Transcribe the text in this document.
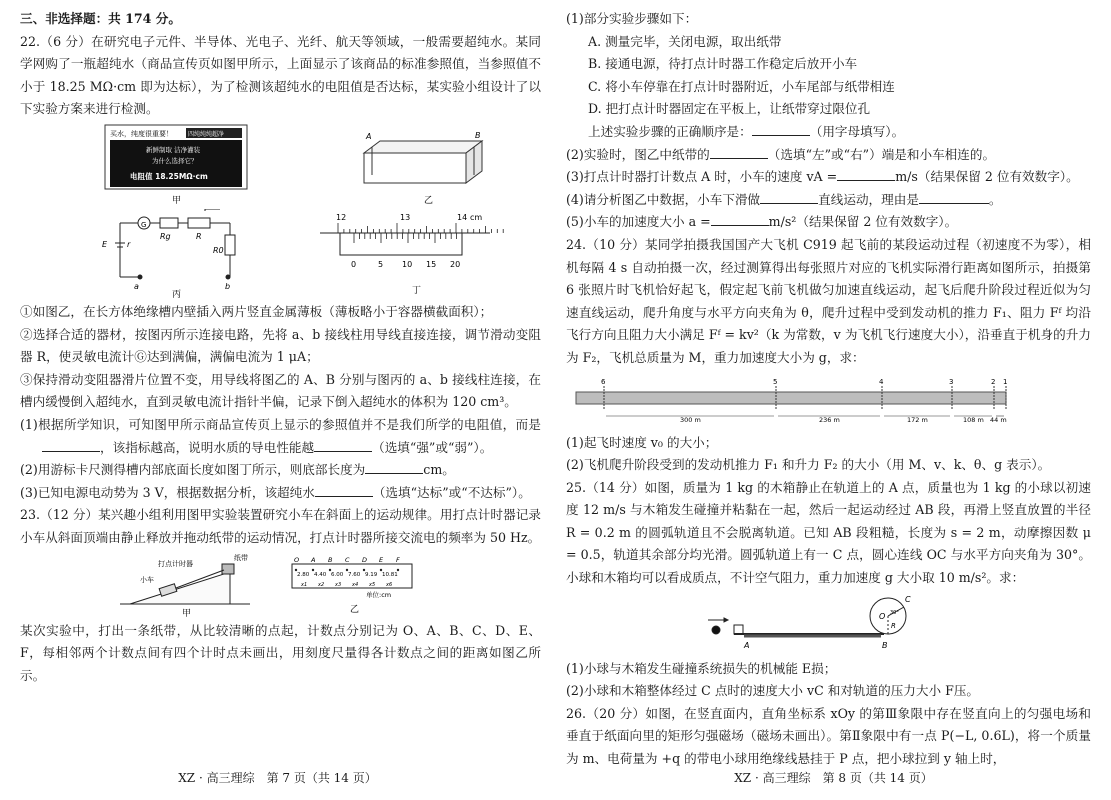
三、非选择题：共 174 分。

22.（6 分）在研究电子元件、半导体、光电子、光纤、航天等领域，一般需要超纯水。某同学网购了一瓶超纯水（商品宣传页如图甲所示，上面显示了该商品的标准参照值，当参照值不小于 18.25 MΩ·cm 即为达标），为了检测该超纯水的电阻值是否达标，某实验小组设计了以下实验方案来进行检测。

买水，纯度很重要！	四纯纯纯超净
新鲜制取 洁净灌装
为什么选择它？
电阻值 18.25MΩ·cm
甲
A	B
乙
G
Rg	R
R0
E r
a	b
丙
12	13	14 cm
0	5 10 15 20
丁

①如图乙，在长方体绝缘槽内壁插入两片竖直金属薄板（薄板略小于容器横截面积）；

②选择合适的器材，按图丙所示连接电路，先将 a、b 接线柱用导线直接连接，调节滑动变阻器 R，使灵敏电流计Ⓖ达到满偏，满偏电流为 1 μA；

③保持滑动变阻器滑片位置不变，用导线将图乙的 A、B 分别与图丙的 a、b 接线柱连接，在槽内缓慢倒入超纯水，直到灵敏电流计指针半偏，记录下倒入超纯水的体积为 120 cm³。

(1)根据所学知识，可知图甲所示商品宣传页上显示的参照值并不是我们所学的电阻值，而是，该指标越高，说明水质的导电性能越	（选填“强”或“弱”）。

(2)用游标卡尺测得槽内部底面长度如图丁所示，则底部长度为	cm。

(3)已知电源电动势为 3 V，根据数据分析，该超纯水	（选填“达标”或“不达标”）。

23.（12 分）某兴趣小组利用图甲实验装置研究小车在斜面上的运动规律。用打点计时器记录小车从斜面顶端由静止释放并拖动纸带的运动情况，打点计时器所接交流电的频率为 50 Hz。

打点计时器
纸带
小车
甲
O A B C D E F
2.80 4.40 6.00 7.60 9.19 10.81
x1 x2 x3 x4 x5 x6
单位:cm
乙

某次实验中，打出一条纸带，从比较清晰的点起，计数点分别记为 O、A、B、C、D、E、F，每相邻两个计数点间有四个计时点未画出，用刻度尺量得各计数点之间的距离如图乙所示。

XZ · 高三理综　第 7 页（共 14 页）

(1)部分实验步骤如下：

A. 测量完毕，关闭电源，取出纸带

B. 接通电源，待打点计时器工作稳定后放开小车

C. 将小车停靠在打点计时器附近，小车尾部与纸带相连

D. 把打点计时器固定在平板上，让纸带穿过限位孔

上述实验步骤的正确顺序是：	（用字母填写）。

(2)实验时，图乙中纸带的	（选填“左”或“右”）端是和小车相连的。

(3)打点计时器打计数点 A 时，小车的速度 vA =	m/s（结果保留 2 位有效数字）。

(4)请分析图乙中数据，小车下滑做	直线运动，理由是	。

(5)小车的加速度大小 a =	m/s²（结果保留 2 位有效数字）。

24.（10 分）某同学拍摄我国国产大飞机 C919 起飞前的某段运动过程（初速度不为零），相机每隔 4 s 自动拍摄一次，经过测算得出每张照片对应的飞机实际滑行距离如图所示，拍摄第 6 张照片时飞机恰好起飞，假定起飞前飞机做匀加速直线运动，起飞后爬升阶段过程近似为匀速直线运动，爬升角度与水平方向夹角为 θ，爬升过程中受到发动机的推力 F₁、阻力 Fᶠ 均沿飞行方向且阻力大小满足 Fᶠ = kv²（k 为常数，v 为飞机飞行速度大小），沿垂直于机身的升力为 F₂，飞机总质量为 M，重力加速度大小为 g，求：

6	5	4	3	2 1
300 m	236 m	172 m	108 m 44 m

(1)起飞时速度 v₀ 的大小；

(2)飞机爬升阶段受到的发动机推力 F₁ 和升力 F₂ 的大小（用 M、v、k、θ、g 表示）。

25.（14 分）如图，质量为 1 kg 的木箱静止在轨道上的 A 点，质量也为 1 kg 的小球以初速度 12 m/s 与木箱发生碰撞并粘黏在一起，然后一起运动经过 AB 段，再滑上竖直放置的半径 R = 0.2 m 的圆弧轨道且不会脱离轨道。已知 AB 段粗糙，长度为 s = 2 m，动摩擦因数 μ = 0.5，轨道其余部分均光滑。圆弧轨道上有一 C 点，圆心连线 OC 与水平方向夹角为 30°。小球和木箱均可以看成质点，不计空气阻力，重力加速度 g 大小取 10 m/s²。求：

A	B
C
O
R
30°

(1)小球与木箱发生碰撞系统损失的机械能 E损；

(2)小球和木箱整体经过 C 点时的速度大小 vC 和对轨道的压力大小 F压。

26.（20 分）如图，在竖直面内，直角坐标系 xOy 的第Ⅲ象限中存在竖直向上的匀强电场和垂直于纸面向里的矩形匀强磁场（磁场未画出）。第Ⅱ象限中有一点 P(−L, 0.6L)，将一个质量为 m、电荷量为 +q 的带电小球用绝缘线悬挂于 P 点，把小球拉到 y 轴上时，

XZ · 高三理综　第 8 页（共 14 页）
